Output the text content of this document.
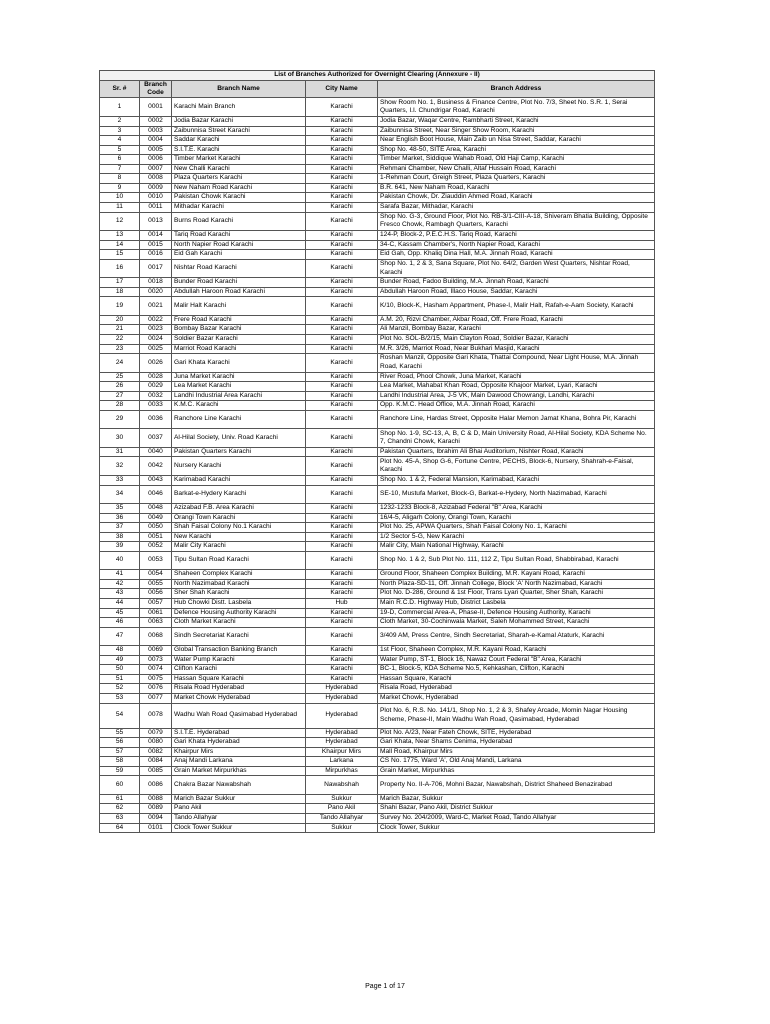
List of Branches Authorized for Overnight Clearing (Annexure - II)				
Sr. #	Branch Code	Branch Name	City Name	Branch Address
1	0001	Karachi Main Branch	Karachi	Show Room No. 1, Business & Finance Centre, Plot No. 7/3, Sheet No. S.R. 1, Serai Quarters, I.I. Chundrigar Road, Karachi
2	0002	Jodia Bazar Karachi	Karachi	Jodia Bazar, Waqar Centre, Rambharti Street, Karachi
3	0003	Zaibunnisa Street Karachi	Karachi	Zaibunnisa Street, Near Singer Show Room, Karachi
4	0004	Saddar Karachi	Karachi	Near English Boot House, Main Zaib un Nisa Street, Saddar, Karachi
5	0005	S.I.T.E. Karachi	Karachi	Shop No. 48-50, SITE Area, Karachi
6	0006	Timber Market Karachi	Karachi	Timber Market, Siddique Wahab Road, Old Haji Camp, Karachi
7	0007	New Challi Karachi	Karachi	Rehmani Chamber, New Challi, Altaf Hussain Road, Karachi
8	0008	Plaza Quarters Karachi	Karachi	1-Rehman Court, Greigh Street, Plaza Quarters, Karachi
9	0009	New Naham Road Karachi	Karachi	B.R. 641, New Naham Road, Karachi
10	0010	Pakistan Chowk Karachi	Karachi	Pakistan Chowk, Dr. Ziauddin Ahmed Road, Karachi
11	0011	Mithadar Karachi	Karachi	Sarafa Bazar, Mithadar, Karachi
12	0013	Burns Road Karachi	Karachi	Shop No. G-3, Ground Floor, Plot No. RB-3/1-CIII-A-18, Shiveram Bhatia Building, Opposite Fresco Chowk, Rambagh Quarters, Karachi
13	0014	Tariq Road Karachi	Karachi	124-P, Block-2, P.E.C.H.S. Tariq Road, Karachi
14	0015	North Napier Road Karachi	Karachi	34-C, Kassam Chamber's, North Napier Road, Karachi
15	0016	Eid Gah Karachi	Karachi	Eid Gah, Opp. Khaliq Dina Hall, M.A. Jinnah Road, Karachi
16	0017	Nishtar Road Karachi	Karachi	Shop No. 1, 2 & 3, Sana Square, Plot No. 64/2, Garden West Quarters, Nishtar Road, Karachi
17	0018	Bunder Road Karachi	Karachi	Bunder Road, Fadoo Building, M.A. Jinnah Road, Karachi
18	0020	Abdullah Haroon Road Karachi	Karachi	Abdullah Haroon Road, Illaco House, Saddar, Karachi
19	0021	Malir Halt Karachi	Karachi	K/10, Block-K, Hasham Appartment, Phase-I, Malir Halt, Rafah-e-Aam Society, Karachi
20	0022	Frere Road Karachi	Karachi	A.M. 20, Rizvi Chamber, Akbar Road, Off. Frere Road, Karachi
21	0023	Bombay Bazar Karachi	Karachi	Ali Manzil, Bombay Bazar, Karachi
22	0024	Soldier Bazar Karachi	Karachi	Plot No. SOL-B/2/15, Main Clayton Road, Soldier Bazar, Karachi
23	0025	Marriot Road Karachi	Karachi	M.R. 3/26, Marriot Road, Near Bukhari Masjid, Karachi
24	0026	Gari Khata Karachi	Karachi	Roshan Manzil, Opposite Gari Khata, Thattai Compound, Near Light House, M.A. Jinnah Road, Karachi
25	0028	Juna Market Karachi	Karachi	River Road, Phool Chowk, Juna Market, Karachi
26	0029	Lea Market Karachi	Karachi	Lea Market, Mahabat Khan Road, Opposite Khajoor Market, Lyari, Karachi
27	0032	Landhi Industrial Area Karachi	Karachi	Landhi Industrial Area, J-5 VK, Main Dawood Chowrangi, Landhi, Karachi
28	0033	K.M.C. Karachi	Karachi	Opp. K.M.C. Head Office, M.A. Jinnah Road, Karachi
29	0036	Ranchore Line Karachi	Karachi	Ranchore Line, Hardas Street, Opposite Halar Memon Jamat Khana, Bohra Pir, Karachi
30	0037	Al-Hilal Society, Univ. Road Karachi	Karachi	Shop No. 1-9, SC-13, A, B, C & D, Main University Road, Al-Hilal Society, KDA Scheme No. 7, Chandni Chowk, Karachi
31	0040	Pakistan Quarters Karachi	Karachi	Pakistan Quarters, Ibrahim Ali Bhai Auditorium, Nishter Road, Karachi
32	0042	Nursery Karachi	Karachi	Plot No. 45-A, Shop G-6, Fortune Centre, PECHS, Block-6, Nursery, Shahrah-e-Faisal, Karachi
33	0043	Karimabad Karachi	Karachi	Shop No. 1 & 2, Federal Mansion, Karimabad, Karachi
34	0046	Barkat-e-Hydery Karachi	Karachi	SE-10, Mustufa Market, Block-G, Barkat-e-Hydery, North Nazimabad, Karachi
35	0048	Azizabad F.B. Area Karachi	Karachi	1232-1233 Block-8, Azizabad Federal "B" Area, Karachi
36	0049	Orangi Town Karachi	Karachi	16/4-5, Aligarh Colony, Orangi Town, Karachi
37	0050	Shah Faisal Colony No.1 Karachi	Karachi	Plot No. 25, APWA Quarters, Shah Faisal Colony No. 1, Karachi
38	0051	New Karachi	Karachi	1/2 Sector 5-G, New Karachi
39	0052	Malir City Karachi	Karachi	Malir City, Main National Highway, Karachi
40	0053	Tipu Sultan Road Karachi	Karachi	Shop No. 1 & 2, Sub Plot No. 111, 112 Z, Tipu Sultan Road, Shabbirabad, Karachi
41	0054	Shaheen Complex Karachi	Karachi	Ground Floor, Shaheen Complex Building, M.R. Kayani Road, Karachi
42	0055	North Nazimabad Karachi	Karachi	North Plaza-SD-11, Off. Jinnah College, Block 'A' North Nazimabad, Karachi
43	0056	Sher Shah Karachi	Karachi	Plot No. D-286, Ground & 1st Floor, Trans Lyari Quarter, Sher Shah, Karachi
44	0057	Hub Chowki Distt. Lasbela	Hub	Main R.C.D. Highway Hub, District Lasbela
45	0061	Defence Housing Authority Karachi	Karachi	19-D, Commercial Area-A, Phase-II, Defence Housing Authority, Karachi
46	0063	Cloth Market Karachi	Karachi	Cloth Market, 30-Cochinwala Market, Saleh Mohammed Street, Karachi
47	0068	Sindh Secretariat Karachi	Karachi	3/409 AM, Press Centre, Sindh Secretariat, Sharah-e-Kamal Ataturk, Karachi
48	0069	Global Transaction Banking Branch	Karachi	1st Floor, Shaheen Complex, M.R. Kayani Road, Karachi
49	0073	Water Pump Karachi	Karachi	Water Pump, ST-1, Block 16, Nawaz Court Federal "B" Area, Karachi
50	0074	Clifton Karachi	Karachi	BC-1, Block-5, KDA Scheme No.5, Kehkashan, Clifton, Karachi
51	0075	Hassan Square Karachi	Karachi	Hassan Square, Karachi
52	0076	Risala Road Hyderabad	Hyderabad	Risala Road, Hyderabad
53	0077	Market Chowk Hyderabad	Hyderabad	Market Chowk, Hyderabad
54	0078	Wadhu Wah Road Qasimabad Hyderabad	Hyderabad	Plot No. 6, R.S. No. 141/1, Shop No. 1, 2 & 3, Shafey Arcade, Momin Nagar Housing Scheme, Phase-II, Main Wadhu Wah Road, Qasimabad, Hyderabad
55	0079	S.I.T.E. Hyderabad	Hyderabad	Plot No. A/23, Near Fateh Chowk, SITE, Hyderabad
56	0080	Gari Khata Hyderabad	Hyderabad	Gari Khata, Near Shams Cenima, Hyderabad
57	0082	Khairpur Mirs	Khairpur Mirs	Mall Road, Khairpur Mirs
58	0084	Anaj Mandi Larkana	Larkana	CS No. 1775, Ward 'A', Old Anaj Mandi, Larkana
59	0085	Grain Market Mirpurkhas	Mirpurkhas	Grain Market, Mirpurkhas
60	0086	Chakra Bazar Nawabshah	Nawabshah	Property No. II-A-706, Mohni Bazar, Nawabshah, District Shaheed Benazirabad
61	0088	Marich Bazar Sukkur	Sukkur	Marich Bazar, Sukkur
62	0089	Pano Akil	Pano Akil	Shahi Bazar, Pano Akil, District Sukkur
63	0094	Tando Allahyar	Tando Allahyar	Survey No. 204/2009, Ward-C, Market Road, Tando Allahyar
64	0101	Clock Tower Sukkur	Sukkur	Clock Tower, Sukkur
Page 1 of 17
